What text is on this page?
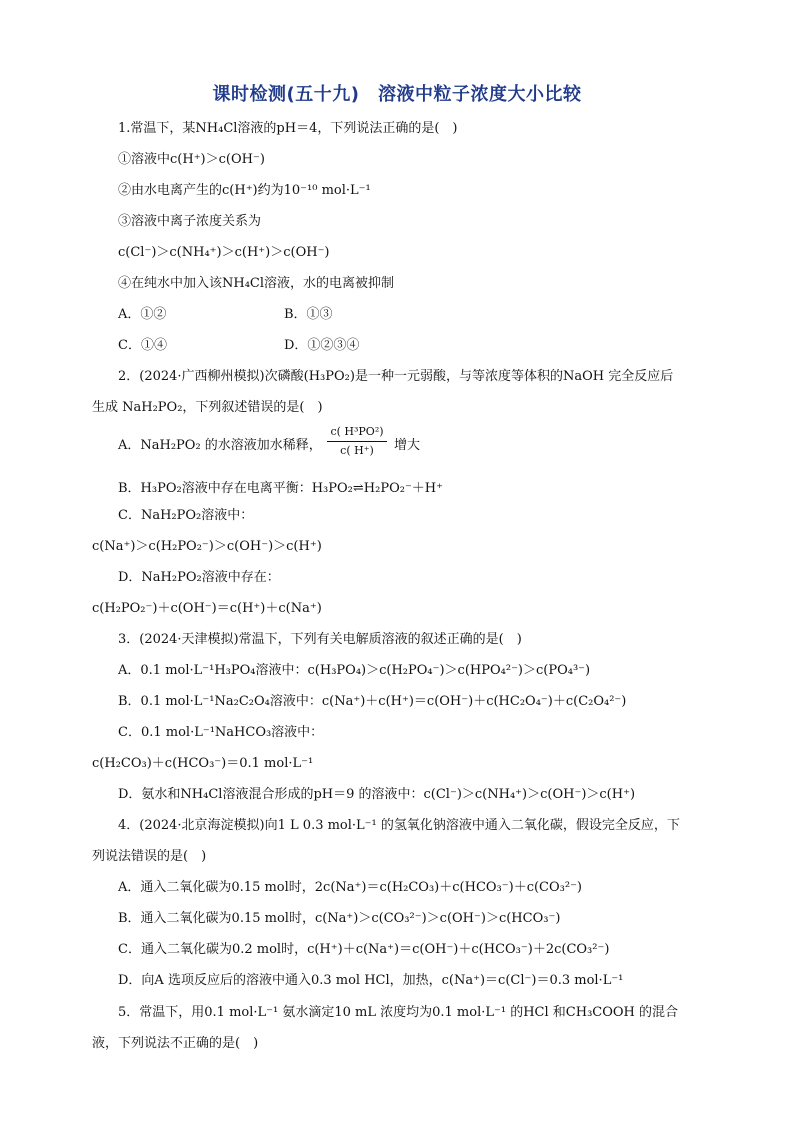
课时检测(五十九)　溶液中粒子浓度大小比较
1.常温下，某NH₄Cl溶液的pH＝4，下列说法正确的是(　)
①溶液中c(H⁺)＞c(OH⁻)
②由水电离产生的c(H⁺)约为10⁻¹⁰ mol·L⁻¹
③溶液中离子浓度关系为
c(Cl⁻)＞c(NH₄⁺)＞c(H⁺)＞c(OH⁻)
④在纯水中加入该NH₄Cl溶液，水的电离被抑制
A．①②	B．①③
C．①④	D．①②③④
2．(2024·广西柳州模拟)次磷酸(H₃PO₂)是一种一元弱酸，与等浓度等体积的NaOH 完全反应后
生成 NaH₂PO₂，下列叙述错误的是(　)
A．NaH₂PO₂ 的水溶液加水稀释，
c( H³PO²)
c( H⁺)	增大
B．H₃PO₂溶液中存在电离平衡：H₃PO₂⇌H₂PO₂⁻＋H⁺
C．NaH₂PO₂溶液中：
c(Na⁺)＞c(H₂PO₂⁻)＞c(OH⁻)＞c(H⁺)
D．NaH₂PO₂溶液中存在：
c(H₂PO₂⁻)＋c(OH⁻)＝c(H⁺)＋c(Na⁺)
3．(2024·天津模拟)常温下，下列有关电解质溶液的叙述正确的是(　)
A．0.1 mol·L⁻¹H₃PO₄溶液中：c(H₃PO₄)＞c(H₂PO₄⁻)＞c(HPO₄²⁻)＞c(PO₄³⁻)
B．0.1 mol·L⁻¹Na₂C₂O₄溶液中：c(Na⁺)＋c(H⁺)＝c(OH⁻)＋c(HC₂O₄⁻)＋c(C₂O₄²⁻)
C．0.1 mol·L⁻¹NaHCO₃溶液中：
c(H₂CO₃)＋c(HCO₃⁻)＝0.1 mol·L⁻¹
D．氨水和NH₄Cl溶液混合形成的pH＝9 的溶液中：c(Cl⁻)＞c(NH₄⁺)＞c(OH⁻)＞c(H⁺)
4．(2024·北京海淀模拟)向1 L 0.3 mol·L⁻¹ 的氢氧化钠溶液中通入二氧化碳，假设完全反应，下
列说法错误的是(　)
A．通入二氧化碳为0.15 mol时，2c(Na⁺)＝c(H₂CO₃)＋c(HCO₃⁻)＋c(CO₃²⁻)
B．通入二氧化碳为0.15 mol时，c(Na⁺)＞c(CO₃²⁻)＞c(OH⁻)＞c(HCO₃⁻)
C．通入二氧化碳为0.2 mol时，c(H⁺)＋c(Na⁺)＝c(OH⁻)＋c(HCO₃⁻)＋2c(CO₃²⁻)
D．向A 选项反应后的溶液中通入0.3 mol HCl，加热，c(Na⁺)＝c(Cl⁻)＝0.3 mol·L⁻¹
5．常温下，用0.1 mol·L⁻¹ 氨水滴定10 mL 浓度均为0.1 mol·L⁻¹ 的HCl 和CH₃COOH 的混合
液，下列说法不正确的是(　)
